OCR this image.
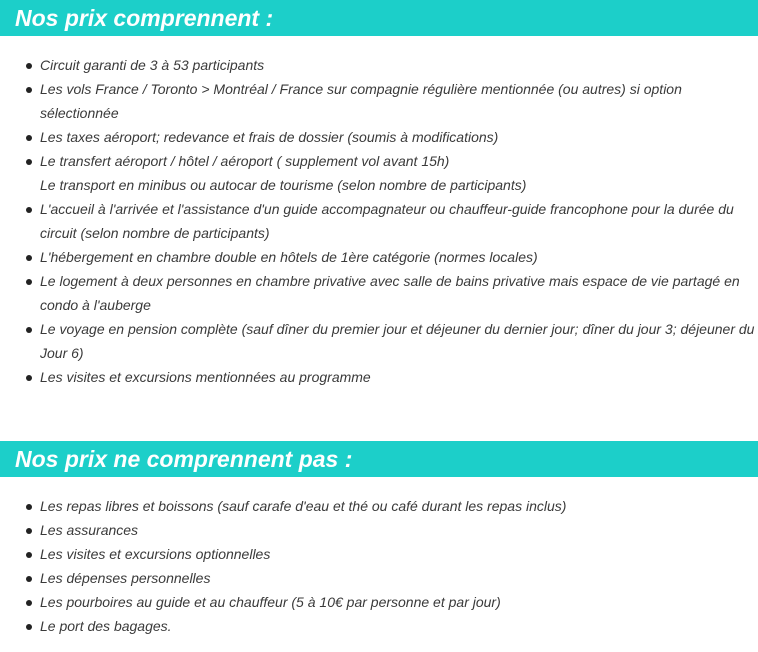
Nos prix comprennent :
Circuit garanti de 3 à 53 participants
Les vols France / Toronto > Montréal / France sur compagnie régulière mentionnée (ou autres) si option sélectionnée
Les taxes aéroport; redevance et frais de dossier (soumis à modifications)
Le transfert aéroport / hôtel / aéroport ( supplement vol avant 15h)
Le transport en minibus ou autocar de tourisme (selon nombre de participants)
L'accueil à l'arrivée et l'assistance d'un guide accompagnateur ou chauffeur-guide francophone pour la durée du circuit (selon nombre de participants)
L'hébergement en chambre double en hôtels de 1ère catégorie (normes locales)
Le logement à deux personnes en chambre privative avec salle de bains privative mais espace de vie partagé en condo à l'auberge
Le voyage en pension complète (sauf dîner du premier jour et déjeuner du dernier jour; dîner du jour 3; déjeuner du Jour 6)
Les visites et excursions mentionnées au programme
Nos prix ne comprennent pas :
Les repas libres et boissons (sauf carafe d'eau et thé ou café durant les repas inclus)
Les assurances
Les visites et excursions optionnelles
Les dépenses personnelles
Les pourboires au guide et au chauffeur (5 à 10€ par personne et par jour)
Le port des bagages.
